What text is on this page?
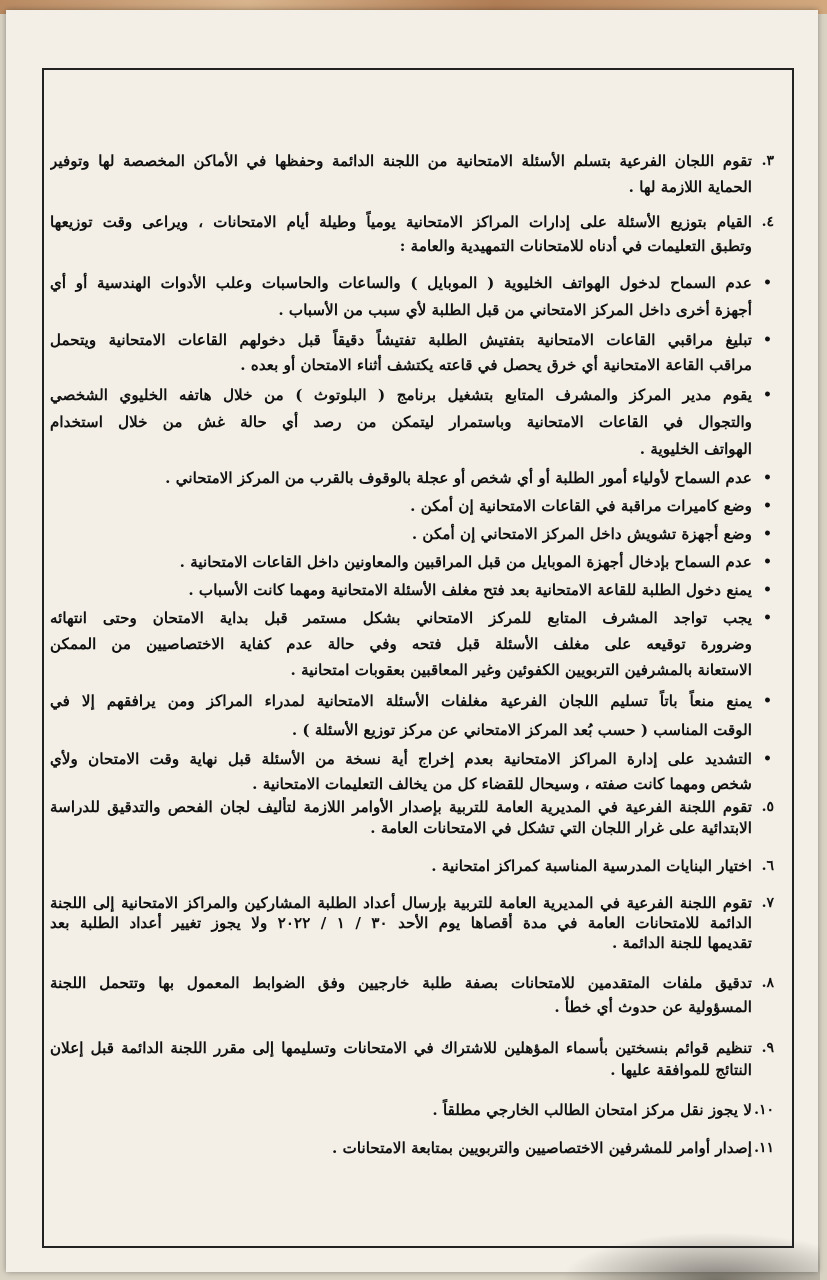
٣.
تقوم اللجان الفرعية بتسلم الأسئلة الامتحانية من اللجنة الدائمة وحفظها في الأماكن المخصصة لها وتوفير
الحماية اللازمة لها .
٤.
القيام بتوزيع الأسئلة على إدارات المراكز الامتحانية يومياً وطيلة أيام الامتحانات ، ويراعى وقت توزيعها
وتطبق التعليمات في أدناه للامتحانات التمهيدية والعامة :
•
عدم السماح لدخول الهواتف الخليوية ( الموبايل ) والساعات والحاسبات وعلب الأدوات الهندسية أو أي
أجهزة أخرى داخل المركز الامتحاني من قبل الطلبة لأي سبب من الأسباب .
•
تبليغ مراقبي القاعات الامتحانية بتفتيش الطلبة تفتيشاً دقيقاً قبل دخولهم القاعات الامتحانية ويتحمل
مراقب القاعة الامتحانية أي خرق يحصل في قاعته يكتشف أثناء الامتحان أو بعده .
•
يقوم مدير المركز والمشرف المتابع بتشغيل برنامج ( البلوتوث ) من خلال هاتفه الخليوي الشخصي
والتجوال في القاعات الامتحانية وباستمرار ليتمكن من رصد أي حالة غش من خلال استخدام
الهواتف الخليوية .
•
عدم السماح لأولياء أمور الطلبة أو أي شخص أو عجلة بالوقوف بالقرب من المركز الامتحاني .
•
وضع كاميرات مراقبة في القاعات الامتحانية إن أمكن .
•
وضع أجهزة تشويش داخل المركز الامتحاني إن أمكن .
•
عدم السماح بإدخال أجهزة الموبايل من قبل المراقبين والمعاونين داخل القاعات الامتحانية .
•
يمنع دخول الطلبة للقاعة الامتحانية بعد فتح مغلف الأسئلة الامتحانية ومهما كانت الأسباب .
•
يجب تواجد المشرف المتابع للمركز الامتحاني بشكل مستمر قبل بداية الامتحان وحتى انتهائه
وضرورة توقيعه على مغلف الأسئلة قبل فتحه وفي حالة عدم كفاية الاختصاصيين من الممكن
الاستعانة بالمشرفين التربويين الكفوئين وغير المعاقبين بعقوبات امتحانية .
•
يمنع منعاً باتاً تسليم اللجان الفرعية مغلفات الأسئلة الامتحانية لمدراء المراكز ومن يرافقهم إلا في
الوقت المناسب ( حسب بُعد المركز الامتحاني عن مركز توزيع الأسئلة ) .
•
التشديد على إدارة المراكز الامتحانية بعدم إخراج أية نسخة من الأسئلة قبل نهاية وقت الامتحان ولأي
شخص ومهما كانت صفته ، وسيحال للقضاء كل من يخالف التعليمات الامتحانية .
٥.
تقوم اللجنة الفرعية في المديرية العامة للتربية بإصدار الأوامر اللازمة لتأليف لجان الفحص والتدقيق للدراسة
الابتدائية على غرار اللجان التي تشكل في الامتحانات العامة .
٦.
اختيار البنايات المدرسية المناسبة كمراكز امتحانية .
٧.
تقوم اللجنة الفرعية في المديرية العامة للتربية بإرسال أعداد الطلبة المشاركين والمراكز الامتحانية إلى اللجنة
الدائمة للامتحانات العامة في مدة أقصاها يوم الأحد ٣٠ / ١ / ٢٠٢٢ ولا يجوز تغيير أعداد الطلبة بعد
تقديمها للجنة الدائمة .
٨.
تدقيق ملفات المتقدمين للامتحانات بصفة طلبة خارجيين وفق الضوابط المعمول بها وتتحمل اللجنة
المسؤولية عن حدوث أي خطأ .
٩.
تنظيم قوائم بنسختين بأسماء المؤهلين للاشتراك في الامتحانات وتسليمها إلى مقرر اللجنة الدائمة قبل إعلان
النتائج للموافقة عليها .
١٠.
لا يجوز نقل مركز امتحان الطالب الخارجي مطلقاً .
١١.
إصدار أوامر للمشرفين الاختصاصيين والتربويين بمتابعة الامتحانات .
